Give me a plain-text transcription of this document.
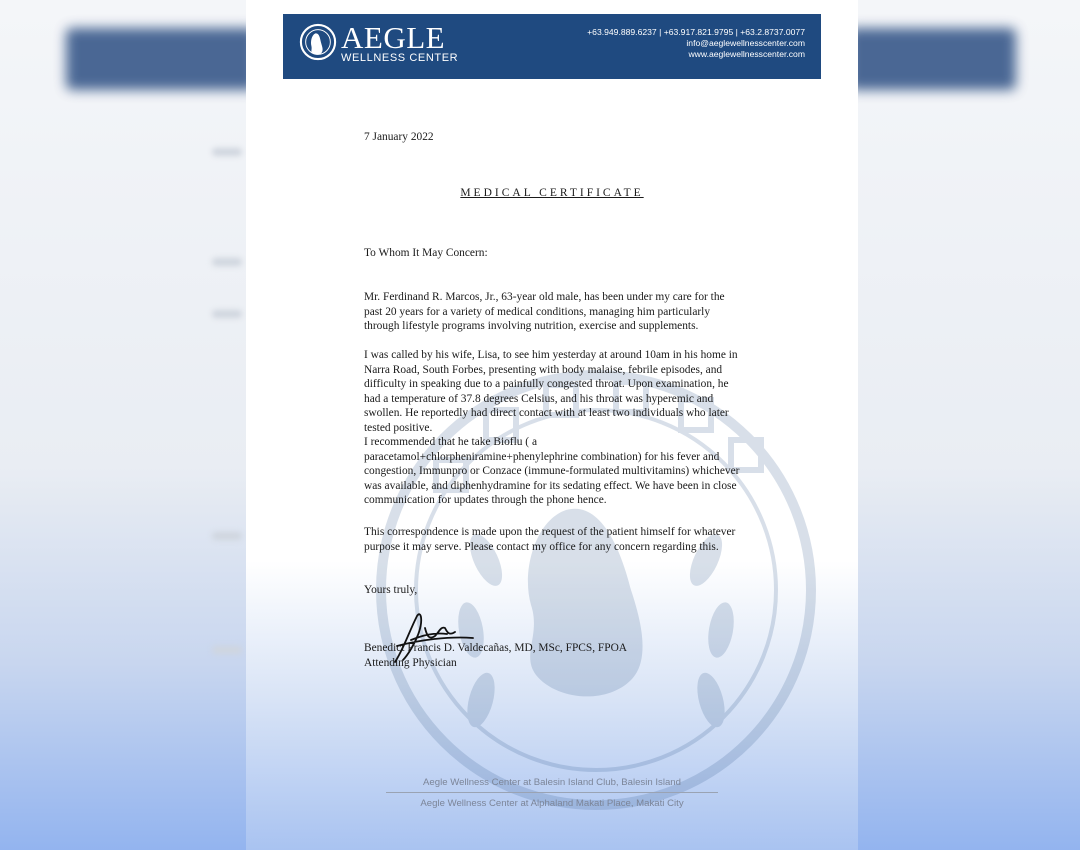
AEGLE
WELLNESS CENTER
+63.949.889.6237 | +63.917.821.9795 | +63.2.8737.0077
info@aeglewellnesscenter.com
www.aeglewellnesscenter.com
7 January 2022
MEDICAL CERTIFICATE
To Whom It May Concern:
Mr. Ferdinand R. Marcos, Jr., 63-year old male, has been under my care for the past 20 years for a variety of medical conditions, managing him particularly through lifestyle programs involving nutrition, exercise and supplements.
I was called by his wife, Lisa, to see him yesterday at around 10am in his home in Narra Road, South Forbes, presenting with body malaise, febrile episodes, and difficulty in speaking due to a painfully congested throat. Upon examination, he had a temperature of 37.8 degrees Celsius, and his throat was hyperemic and swollen. He reportedly had direct contact with at least two individuals who later tested positive.
I recommended that he take Bioflu ( a paracetamol+chlorpheniramine+phenylephrine combination) for his fever and congestion, Immunpro or Conzace (immune-formulated multivitamins) whichever was available, and diphenhydramine for its sedating effect. We have been in close communication for updates through the phone hence.
This correspondence is made upon the request of the patient himself for whatever purpose it may serve. Please contact my office for any concern regarding this.
Yours truly,
Benedict Francis D. Valdecañas, MD, MSc, FPCS, FPOA
Attending Physician
Aegle Wellness Center at Balesin Island Club, Balesin Island
Aegle Wellness Center at Alphaland Makati Place, Makati City
